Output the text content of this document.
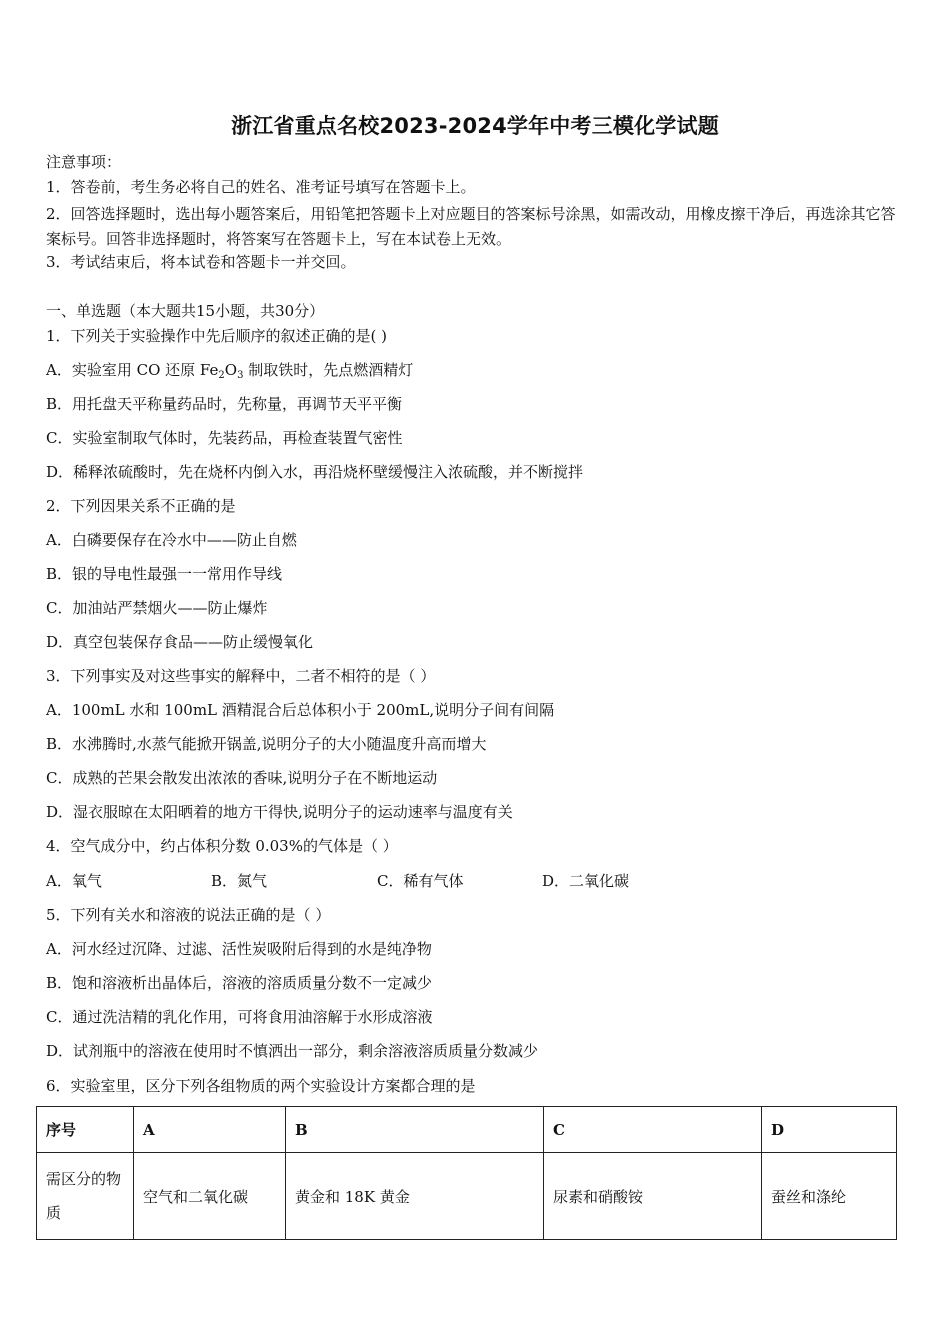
浙江省重点名校2023-2024学年中考三模化学试题
注意事项：
1．答卷前，考生务必将自己的姓名、准考证号填写在答题卡上。
2．回答选择题时，选出每小题答案后，用铅笔把答题卡上对应题目的答案标号涂黑，如需改动，用橡皮擦干净后，再选涂其它答案标号。回答非选择题时，将答案写在答题卡上，写在本试卷上无效。
3．考试结束后，将本试卷和答题卡一并交回。
一、单选题（本大题共15小题，共30分）
1．下列关于实验操作中先后顺序的叙述正确的是( )
A．实验室用 CO 还原 $Fe_2O_3$ 制取铁时，先点燃酒精灯
B．用托盘天平称量药品时，先称量，再调节天平平衡
C．实验室制取气体时，先装药品，再检查装置气密性
D．稀释浓硫酸时，先在烧杯内倒入水，再沿烧杯壁缓慢注入浓硫酸，并不断搅拌
2．下列因果关系不正确的是
A．白磷要保存在冷水中——防止自燃
B．银的导电性最强一一常用作导线
C．加油站严禁烟火——防止爆炸
D．真空包装保存食品——防止缓慢氧化
3．下列事实及对这些事实的解释中，二者不相符的是（ ）
A．100mL 水和 100mL 酒精混合后总体积小于 200mL,说明分子间有间隔
B．水沸腾时,水蒸气能掀开锅盖,说明分子的大小随温度升高而增大
C．成熟的芒果会散发出浓浓的香味,说明分子在不断地运动
D．湿衣服晾在太阳晒着的地方干得快,说明分子的运动速率与温度有关
4．空气成分中，约占体积分数 0.03%的气体是（ ）
A．氧气	B．氮气	C．稀有气体	D．二氧化碳
5．下列有关水和溶液的说法正确的是（ ）
A．河水经过沉降、过滤、活性炭吸附后得到的水是纯净物
B．饱和溶液析出晶体后，溶液的溶质质量分数不一定减少
C．通过洗洁精的乳化作用，可将食用油溶解于水形成溶液
D．试剂瓶中的溶液在使用时不慎洒出一部分，剩余溶液溶质质量分数减少
6．实验室里，区分下列各组物质的两个实验设计方案都合理的是
序号	A	B	C	D
需区分的物质	空气和二氧化碳	黄金和 18K 黄金	尿素和硝酸铵	蚕丝和涤纶
